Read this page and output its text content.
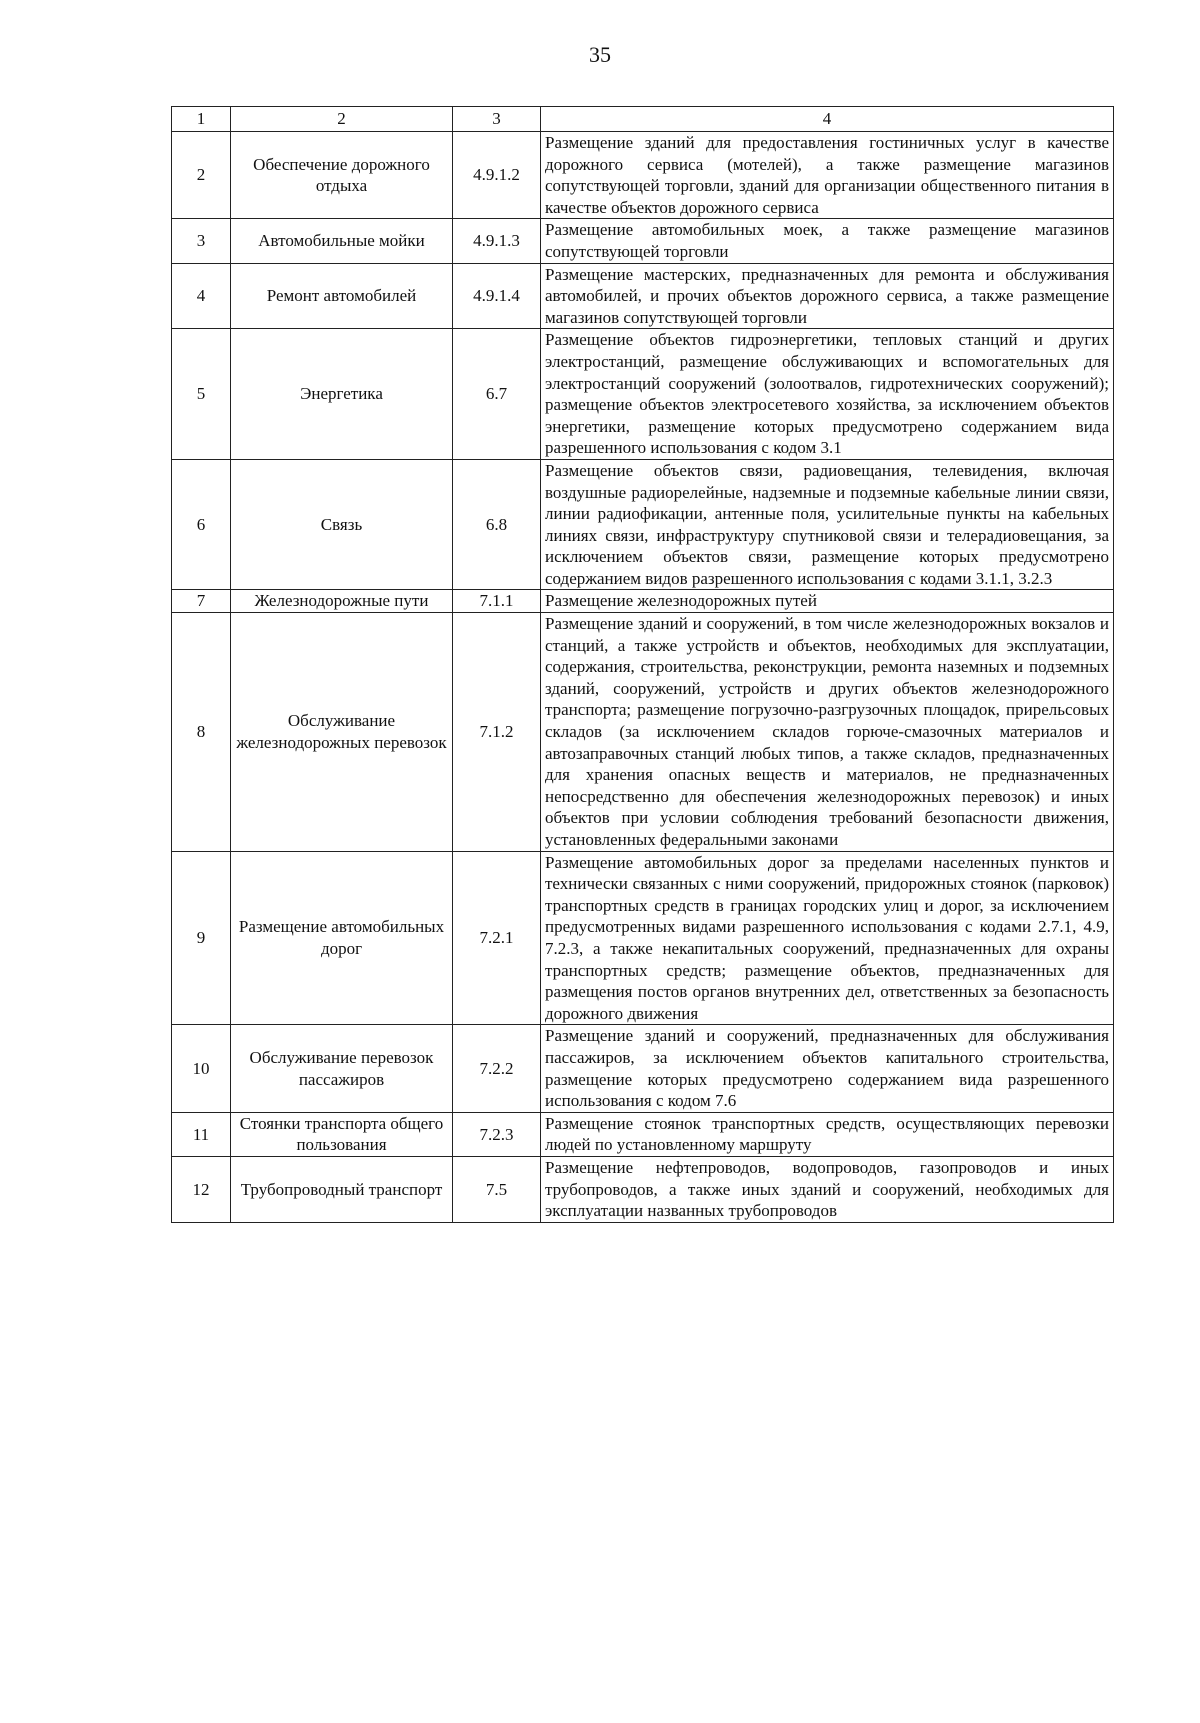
35
1	2	3	4
2	Обеспечение дорожного отдыха	4.9.1.2	Размещение зданий для предоставления гостиничных услуг в качестве дорожного сервиса (мотелей), а также размещение магазинов сопутствующей торговли, зданий для организации общественного питания в качестве объектов дорожного сервиса
3	Автомобильные мойки	4.9.1.3	Размещение автомобильных моек, а также размещение магазинов сопутствующей торговли
4	Ремонт автомобилей	4.9.1.4	Размещение мастерских, предназначенных для ремонта и обслуживания автомобилей, и прочих объектов дорожного сервиса, а также размещение магазинов сопутствующей торговли
5	Энергетика	6.7	Размещение объектов гидроэнергетики, тепловых станций и других электростанций, размещение обслуживающих и вспомогательных для электростанций сооружений (золоотвалов, гидротехнических сооружений); размещение объектов электросетевого хозяйства, за исключением объектов энергетики, размещение которых предусмотрено содержанием вида разрешенного использования с кодом 3.1
6	Связь	6.8	Размещение объектов связи, радиовещания, телевидения, включая воздушные радиорелейные, надземные и подземные кабельные линии связи, линии радиофикации, антенные поля, усилительные пункты на кабельных линиях связи, инфраструктуру спутниковой связи и телерадиовещания, за исключением объектов связи, размещение которых предусмотрено содержанием видов разрешенного использования с кодами 3.1.1, 3.2.3
7	Железнодорожные пути	7.1.1	Размещение железнодорожных путей
8	Обслуживание железнодорожных перевозок	7.1.2	Размещение зданий и сооружений, в том числе железнодорожных вокзалов и станций, а также устройств и объектов, необходимых для эксплуатации, содержания, строительства, реконструкции, ремонта наземных и подземных зданий, сооружений, устройств и других объектов железнодорожного транспорта; размещение погрузочно-разгрузочных площадок, прирельсовых складов (за исключением складов горюче-смазочных материалов и автозаправочных станций любых типов, а также складов, предназначенных для хранения опасных веществ и материалов, не предназначенных непосредственно для обеспечения железнодорожных перевозок) и иных объектов при условии соблюдения требований безопасности движения, установленных федеральными законами
9	Размещение автомобильных дорог	7.2.1	Размещение автомобильных дорог за пределами населенных пунктов и технически связанных с ними сооружений, придорожных стоянок (парковок) транспортных средств в границах городских улиц и дорог, за исключением предусмотренных видами разрешенного использования с кодами 2.7.1, 4.9, 7.2.3, а также некапитальных сооружений, предназначенных для охраны транспортных средств; размещение объектов, предназначенных для размещения постов органов внутренних дел, ответственных за безопасность дорожного движения
10	Обслуживание перевозок пассажиров	7.2.2	Размещение зданий и сооружений, предназначенных для обслуживания пассажиров, за исключением объектов капитального строительства, размещение которых предусмотрено содержанием вида разрешенного использования с кодом 7.6
11	Стоянки транспорта общего пользования	7.2.3	Размещение стоянок транспортных средств, осуществляющих перевозки людей по установленному маршруту
12	Трубопроводный транспорт	7.5	Размещение нефтепроводов, водопроводов, газопроводов и иных трубопроводов, а также иных зданий и сооружений, необходимых для эксплуатации названных трубопроводов
